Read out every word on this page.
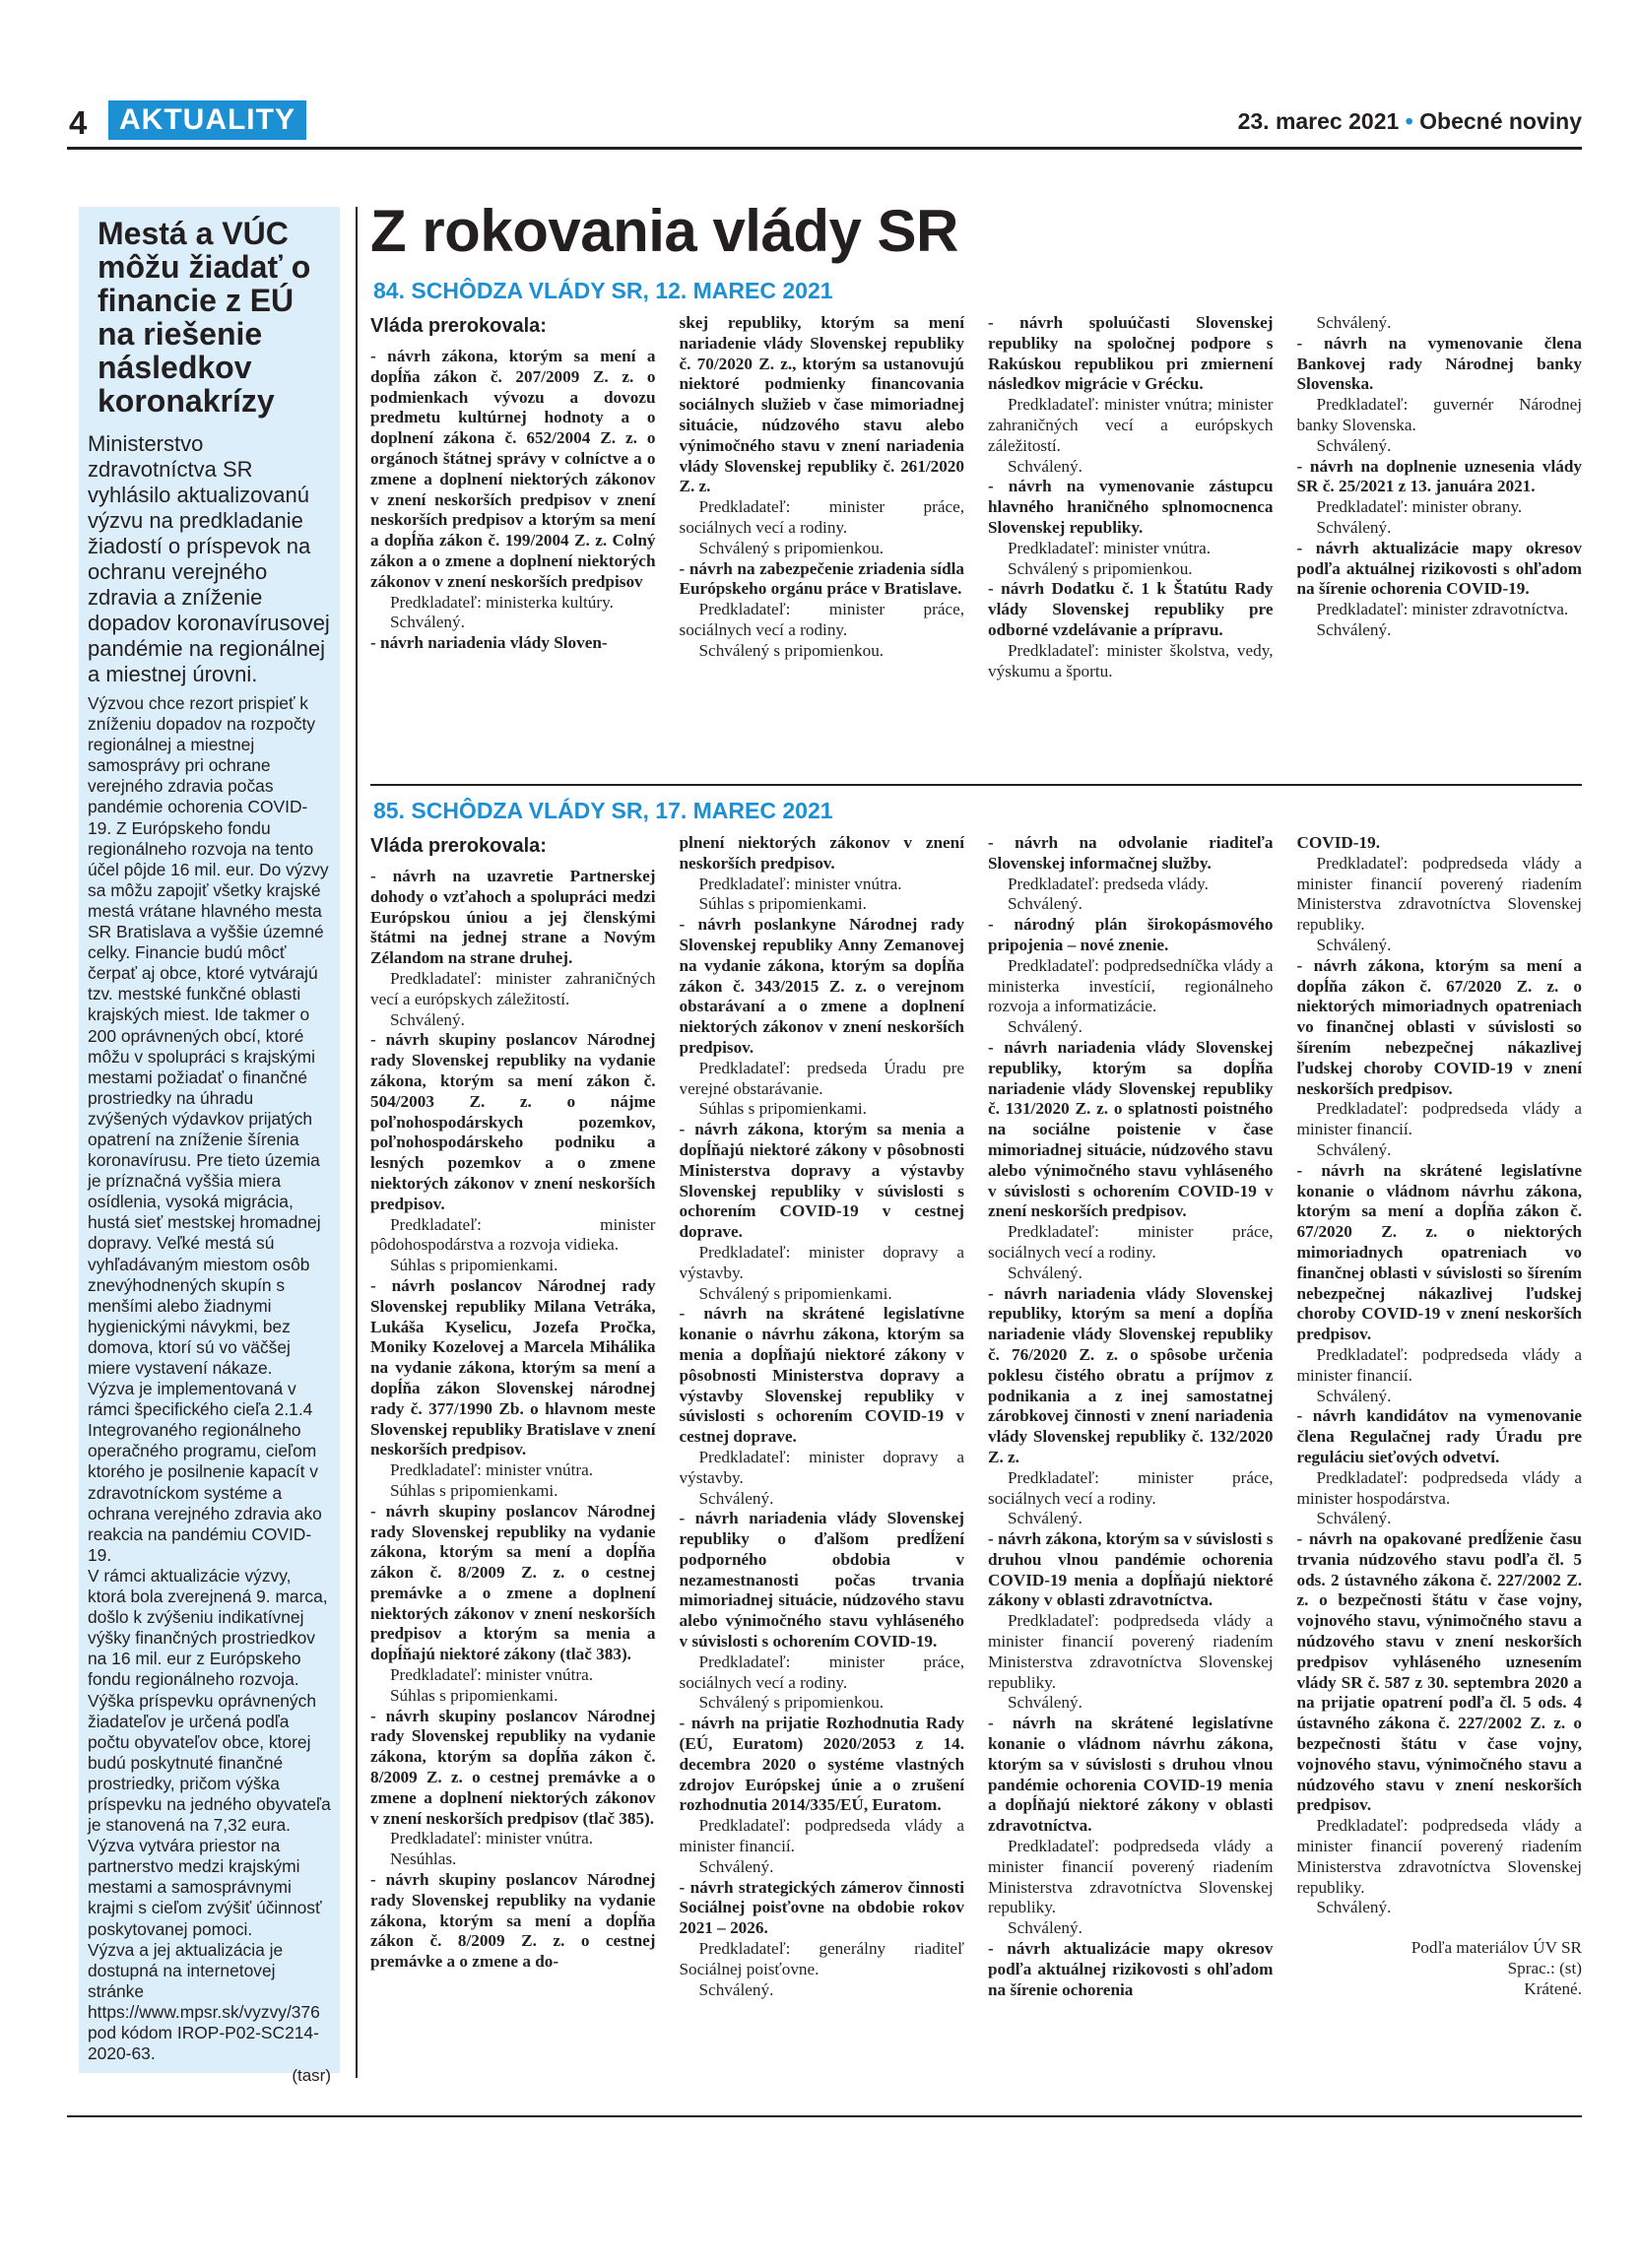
4	AKTUALITY	23. marec 2021 • Obecné noviny
Mestá a VÚC môžu žiadať o financie z EÚ na riešenie následkov koronakrízy

Ministerstvo zdravotníctva SR vyhlásilo aktualizovanú výzvu na predkladanie žiadostí o príspevok na ochranu verejného zdravia a zníženie dopadov koronavírusovej pandémie na regionálnej a miestnej úrovni.

Výzvou chce rezort prispieť k zníženiu dopadov na rozpočty regionálnej a miestnej samosprávy pri ochrane verejného zdravia počas pandémie ochorenia COVID-19. Z Európskeho fondu regionálneho rozvoja na tento účel pôjde 16 mil. eur. Do výzvy sa môžu zapojiť všetky krajské mestá vrátane hlavného mesta SR Bratislava a vyššie územné celky. Financie budú môcť čerpať aj obce, ktoré vytvárajú tzv. mestské funkčné oblasti krajských miest. Ide takmer o 200 oprávnených obcí, ktoré môžu v spolupráci s krajskými mestami požiadať o finančné prostriedky na úhradu zvýšených výdavkov prijatých opatrení na zníženie šírenia koronavírusu. Pre tieto územia je príznačná vyššia miera osídlenia, vysoká migrácia, hustá sieť mestskej hromadnej dopravy. Veľké mestá sú vyhľadávaným miestom osôb znevýhodnených skupín s menšími alebo žiadnymi hygienickými návykmi, bez domova, ktorí sú vo väčšej miere vystavení nákaze.

Výzva je implementovaná v rámci špecifického cieľa 2.1.4 Integrovaného regionálneho operačného programu, cieľom ktorého je posilnenie kapacít v zdravotníckom systéme a ochrana verejného zdravia ako reakcia na pandémiu COVID-19.

V rámci aktualizácie výzvy, ktorá bola zverejnená 9. marca, došlo k zvýšeniu indikatívnej výšky finančných prostriedkov na 16 mil. eur z Európskeho fondu regionálneho rozvoja. Výška príspevku oprávnených žiadateľov je určená podľa počtu obyvateľov obce, ktorej budú poskytnuté finančné prostriedky, pričom výška príspevku na jedného obyvateľa je stanovená na 7,32 eura. Výzva vytvára priestor na partnerstvo medzi krajskými mestami a samosprávnymi krajmi s cieľom zvýšiť účinnosť poskytovanej pomoci.

Výzva a jej aktualizácia je dostupná na internetovej stránke https://www.mpsr.sk/vyzvy/376 pod kódom IROP-P02-SC214-2020-63.

(tasr)

Z rokovania vlády SR
84. SCHÔDZA VLÁDY SR, 12. MAREC 2021

Vláda prerokovala:

- návrh zákona, ktorým sa mení a dopĺňa zákon č. 207/2009 Z. z. o podmienkach vývozu a dovozu predmetu kultúrnej hodnoty a o doplnení zákona č. 652/2004 Z. z. o orgánoch štátnej správy v colníctve a o zmene a doplnení niektorých zákonov v znení neskorších predpisov v znení neskorších predpisov a ktorým sa mení a dopĺňa zákon č. 199/2004 Z. z. Colný zákon a o zmene a doplnení niektorých zákonov v znení neskorších predpisov

Predkladateľ: ministerka kultúry.

Schválený.

- návrh nariadenia vlády Sloven-

skej republiky, ktorým sa mení nariadenie vlády Slovenskej republiky č. 70/2020 Z. z., ktorým sa ustanovujú niektoré podmienky financovania sociálnych služieb v čase mimoriadnej situácie, núdzového stavu alebo výnimočného stavu v znení nariadenia vlády Slovenskej republiky č. 261/2020 Z. z.

Predkladateľ: minister práce, sociálnych vecí a rodiny.

Schválený s pripomienkou.

- návrh na zabezpečenie zriadenia sídla Európskeho orgánu práce v Bratislave.

Predkladateľ: minister práce, sociálnych vecí a rodiny.

Schválený s pripomienkou.

- návrh spoluúčasti Slovenskej republiky na spoločnej podpore s Rakúskou republikou pri zmiernení následkov migrácie v Grécku.

Predkladateľ: minister vnútra; minister zahraničných vecí a európskych záležitostí.

Schválený.

- návrh na vymenovanie zástupcu hlavného hraničného splnomocnenca Slovenskej republiky.

Predkladateľ: minister vnútra.

Schválený s pripomienkou.

- návrh Dodatku č. 1 k Štatútu Rady vlády Slovenskej republiky pre odborné vzdelávanie a prípravu.

Predkladateľ: minister školstva, vedy, výskumu a športu.

Schválený.

- návrh na vymenovanie člena Bankovej rady Národnej banky Slovenska.

Predkladateľ: guvernér Národnej banky Slovenska.

Schválený.

- návrh na doplnenie uznesenia vlády SR č. 25/2021 z 13. januára 2021.

Predkladateľ: minister obrany.

Schválený.

- návrh aktualizácie mapy okresov podľa aktuálnej rizikovosti s ohľadom na šírenie ochorenia COVID-19.

Predkladateľ: minister zdravotníctva.

Schválený.

85. SCHÔDZA VLÁDY SR, 17. MAREC 2021

Vláda prerokovala:

- návrh na uzavretie Partnerskej dohody o vzťahoch a spolupráci medzi Európskou úniou a jej členskými štátmi na jednej strane a Novým Zélandom na strane druhej.

Predkladateľ: minister zahraničných vecí a európskych záležitostí.

Schválený.

- návrh skupiny poslancov Národnej rady Slovenskej republiky na vydanie zákona, ktorým sa mení zákon č. 504/2003 Z. z. o nájme poľnohospodárskych pozemkov, poľnohospodárskeho podniku a lesných pozemkov a o zmene niektorých zákonov v znení neskorších predpisov.

Predkladateľ: minister pôdohospodárstva a rozvoja vidieka.

Súhlas s pripomienkami.

- návrh poslancov Národnej rady Slovenskej republiky Milana Vetráka, Lukáša Kyselicu, Jozefa Pročka, Moniky Kozelovej a Marcela Mihálika na vydanie zákona, ktorým sa mení a dopĺňa zákon Slovenskej národnej rady č. 377/1990 Zb. o hlavnom meste Slovenskej republiky Bratislave v znení neskorších predpisov.

Predkladateľ: minister vnútra.

Súhlas s pripomienkami.

- návrh skupiny poslancov Národnej rady Slovenskej republiky na vydanie zákona, ktorým sa mení a dopĺňa zákon č. 8/2009 Z. z. o cestnej premávke a o zmene a doplnení niektorých zákonov v znení neskorších predpisov a ktorým sa menia a dopĺňajú niektoré zákony (tlač 383).

Predkladateľ: minister vnútra.

Súhlas s pripomienkami.

- návrh skupiny poslancov Národnej rady Slovenskej republiky na vydanie zákona, ktorým sa dopĺňa zákon č. 8/2009 Z. z. o cestnej premávke a o zmene a doplnení niektorých zákonov v znení neskorších predpisov (tlač 385).

Predkladateľ: minister vnútra.

Nesúhlas.

- návrh skupiny poslancov Národnej rady Slovenskej republiky na vydanie zákona, ktorým sa mení a dopĺňa zákon č. 8/2009 Z. z. o cestnej premávke a o zmene a do-

plnení niektorých zákonov v znení neskorších predpisov.

Predkladateľ: minister vnútra.

Súhlas s pripomienkami.

- návrh poslankyne Národnej rady Slovenskej republiky Anny Zemanovej na vydanie zákona, ktorým sa dopĺňa zákon č. 343/2015 Z. z. o verejnom obstarávaní a o zmene a doplnení niektorých zákonov v znení neskorších predpisov.

Predkladateľ: predseda Úradu pre verejné obstarávanie.

Súhlas s pripomienkami.

- návrh zákona, ktorým sa menia a dopĺňajú niektoré zákony v pôsobnosti Ministerstva dopravy a výstavby Slovenskej republiky v súvislosti s ochorením COVID-19 v cestnej doprave.

Predkladateľ: minister dopravy a výstavby.

Schválený s pripomienkami.

- návrh na skrátené legislatívne konanie o návrhu zákona, ktorým sa menia a dopĺňajú niektoré zákony v pôsobnosti Ministerstva dopravy a výstavby Slovenskej republiky v súvislosti s ochorením COVID-19 v cestnej doprave.

Predkladateľ: minister dopravy a výstavby.

Schválený.

- návrh nariadenia vlády Slovenskej republiky o ďalšom predĺžení podporného obdobia v nezamestnanosti počas trvania mimoriadnej situácie, núdzového stavu alebo výnimočného stavu vyhláseného v súvislosti s ochorením COVID-19.

Predkladateľ: minister práce, sociálnych vecí a rodiny.

Schválený s pripomienkou.

- návrh na prijatie Rozhodnutia Rady (EÚ, Euratom) 2020/2053 z 14. decembra 2020 o systéme vlastných zdrojov Európskej únie a o zrušení rozhodnutia 2014/335/EÚ, Euratom.

Predkladateľ: podpredseda vlády a minister financií.

Schválený.

- návrh strategických zámerov činnosti Sociálnej poisťovne na obdobie rokov 2021 – 2026.

Predkladateľ: generálny riaditeľ Sociálnej poisťovne.

Schválený.

- návrh na odvolanie riaditeľa Slovenskej informačnej služby.

Predkladateľ: predseda vlády.

Schválený.

- národný plán širokopásmového pripojenia – nové znenie.

Predkladateľ: podpredsedníčka vlády a ministerka investícií, regionálneho rozvoja a informatizácie.

Schválený.

- návrh nariadenia vlády Slovenskej republiky, ktorým sa dopĺňa nariadenie vlády Slovenskej republiky č. 131/2020 Z. z. o splatnosti poistného na sociálne poistenie v čase mimoriadnej situácie, núdzového stavu alebo výnimočného stavu vyhláseného v súvislosti s ochorením COVID-19 v znení neskorších predpisov.

Predkladateľ: minister práce, sociálnych vecí a rodiny.

Schválený.

- návrh nariadenia vlády Slovenskej republiky, ktorým sa mení a dopĺňa nariadenie vlády Slovenskej republiky č. 76/2020 Z. z. o spôsobe určenia poklesu čistého obratu a príjmov z podnikania a z inej samostatnej zárobkovej činnosti v znení nariadenia vlády Slovenskej republiky č. 132/2020 Z. z.

Predkladateľ: minister práce, sociálnych vecí a rodiny.

Schválený.

- návrh zákona, ktorým sa v súvislosti s druhou vlnou pandémie ochorenia COVID-19 menia a dopĺňajú niektoré zákony v oblasti zdravotníctva.

Predkladateľ: podpredseda vlády a minister financií poverený riadením Ministerstva zdravotníctva Slovenskej republiky.

Schválený.

- návrh na skrátené legislatívne konanie o vládnom návrhu zákona, ktorým sa v súvislosti s druhou vlnou pandémie ochorenia COVID-19 menia a dopĺňajú niektoré zákony v oblasti zdravotníctva.

Predkladateľ: podpredseda vlády a minister financií poverený riadením Ministerstva zdravotníctva Slovenskej republiky.

Schválený.

- návrh aktualizácie mapy okresov podľa aktuálnej rizikovosti s ohľadom na šírenie ochorenia

COVID-19.

Predkladateľ: podpredseda vlády a minister financií poverený riadením Ministerstva zdravotníctva Slovenskej republiky.

Schválený.

- návrh zákona, ktorým sa mení a dopĺňa zákon č. 67/2020 Z. z. o niektorých mimoriadnych opatreniach vo finančnej oblasti v súvislosti so šírením nebezpečnej nákazlivej ľudskej choroby COVID-19 v znení neskorších predpisov.

Predkladateľ: podpredseda vlády a minister financií.

Schválený.

- návrh na skrátené legislatívne konanie o vládnom návrhu zákona, ktorým sa mení a dopĺňa zákon č. 67/2020 Z. z. o niektorých mimoriadnych opatreniach vo finančnej oblasti v súvislosti so šírením nebezpečnej nákazlivej ľudskej choroby COVID-19 v znení neskorších predpisov.

Predkladateľ: podpredseda vlády a minister financií.

Schválený.

- návrh kandidátov na vymenovanie člena Regulačnej rady Úradu pre reguláciu sieťových odvetví.

Predkladateľ: podpredseda vlády a minister hospodárstva.

Schválený.

- návrh na opakované predĺženie času trvania núdzového stavu podľa čl. 5 ods. 2 ústavného zákona č. 227/2002 Z. z. o bezpečnosti štátu v čase vojny, vojnového stavu, výnimočného stavu a núdzového stavu v znení neskorších predpisov vyhláseného uznesením vlády SR č. 587 z 30. septembra 2020 a na prijatie opatrení podľa čl. 5 ods. 4 ústavného zákona č. 227/2002 Z. z. o bezpečnosti štátu v čase vojny, vojnového stavu, výnimočného stavu a núdzového stavu v znení neskorších predpisov.

Predkladateľ: podpredseda vlády a minister financií poverený riadením Ministerstva zdravotníctva Slovenskej republiky.

Schválený.

Podľa materiálov ÚV SR

Sprac.: (st)

Krátené.
